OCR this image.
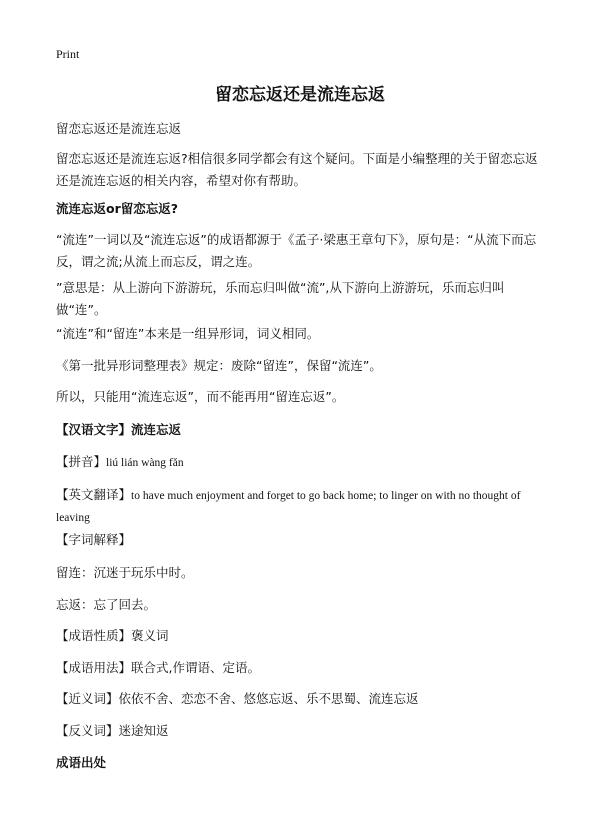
Print
留恋忘返还是流连忘返
留恋忘返还是流连忘返
留恋忘返还是流连忘返?相信很多同学都会有这个疑问。下面是小编整理的关于留恋忘返还是流连忘返的相关内容，希望对你有帮助。
流连忘返or留恋忘返?
“流连”一词以及“流连忘返”的成语都源于《孟子·梁惠王章句下》，原句是：“从流下而忘反，谓之流;从流上而忘反，谓之连。
”意思是：从上游向下游游玩，乐而忘归叫做“流”,从下游向上游游玩，乐而忘归叫做“连”。
“流连”和“留连”本来是一组异形词，词义相同。
《第一批异形词整理表》规定：废除“留连”，保留“流连”。
所以，只能用“流连忘返”，而不能再用“留连忘返”。
【汉语文字】流连忘返
【拼音】liú lián wàng fǎn
【英文翻译】to have much enjoyment and forget to go back home; to linger on with no thought of leaving
【字词解释】
留连：沉迷于玩乐中时。
忘返：忘了回去。
【成语性质】褒义词
【成语用法】联合式,作谓语、定语。
【近义词】依依不舍、恋恋不舍、悠悠忘返、乐不思蜀、流连忘返
【反义词】迷途知返
成语出处
